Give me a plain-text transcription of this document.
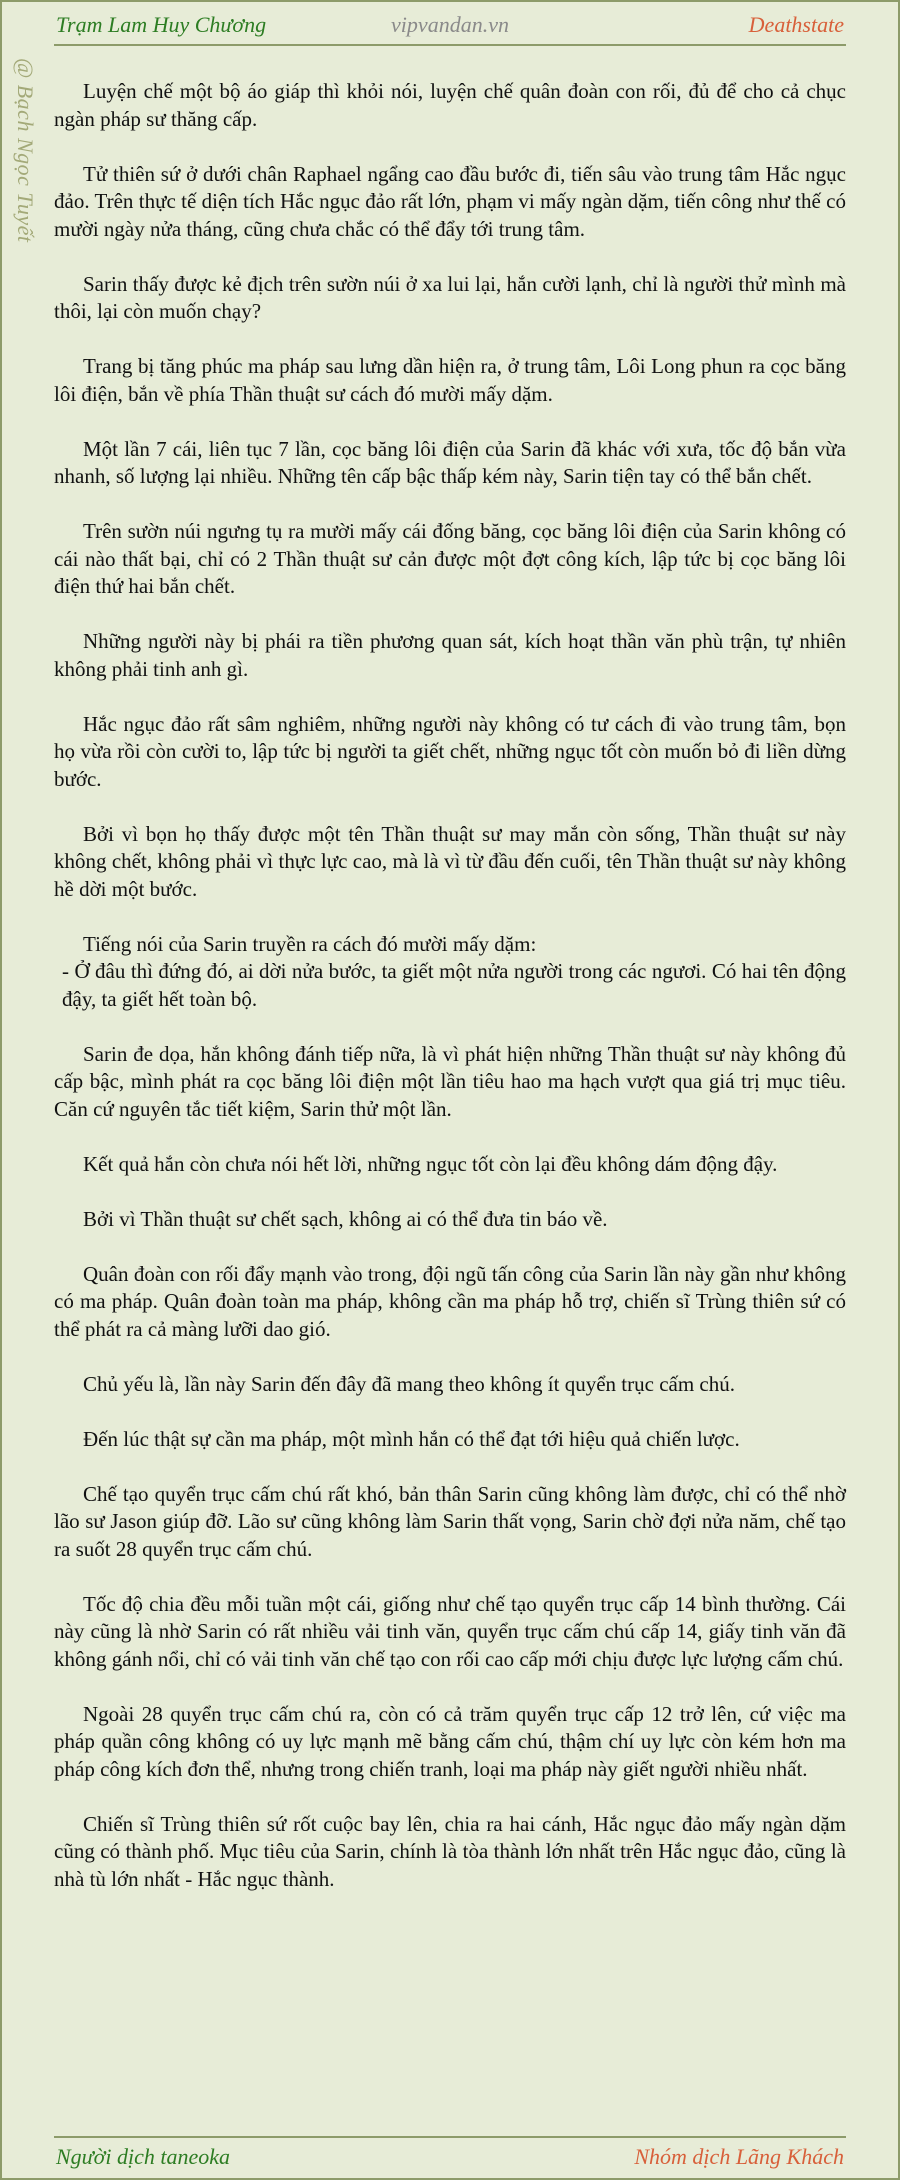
Trạm Lam Huy Chương	vipvandan.vn	Deathstate
@ Bạch Ngọc Tuyết	Luyện chế một bộ áo giáp thì khỏi nói, luyện chế quân đoàn con rối, đủ để cho cả chục ngàn pháp sư thăng cấp.

Tử thiên sứ ở dưới chân Raphael ngẩng cao đầu bước đi, tiến sâu vào trung tâm Hắc ngục đảo. Trên thực tế diện tích Hắc ngục đảo rất lớn, phạm vi mấy ngàn dặm, tiến công như thế có mười ngày nửa tháng, cũng chưa chắc có thể đẩy tới trung tâm.

Sarin thấy được kẻ địch trên sườn núi ở xa lui lại, hắn cười lạnh, chỉ là người thử mình mà thôi, lại còn muốn chạy?

Trang bị tăng phúc ma pháp sau lưng dần hiện ra, ở trung tâm, Lôi Long phun ra cọc băng lôi điện, bắn về phía Thần thuật sư cách đó mười mấy dặm.

Một lần 7 cái, liên tục 7 lần, cọc băng lôi điện của Sarin đã khác với xưa, tốc độ bắn vừa nhanh, số lượng lại nhiều. Những tên cấp bậc thấp kém này, Sarin tiện tay có thể bắn chết.

Trên sườn núi ngưng tụ ra mười mấy cái đống băng, cọc băng lôi điện của Sarin không có cái nào thất bại, chỉ có 2 Thần thuật sư cản được một đợt công kích, lập tức bị cọc băng lôi điện thứ hai bắn chết.

Những người này bị phái ra tiền phương quan sát, kích hoạt thần văn phù trận, tự nhiên không phải tinh anh gì.

Hắc ngục đảo rất sâm nghiêm, những người này không có tư cách đi vào trung tâm, bọn họ vừa rồi còn cười to, lập tức bị người ta giết chết, những ngục tốt còn muốn bỏ đi liền dừng bước.

Bởi vì bọn họ thấy được một tên Thần thuật sư may mắn còn sống, Thần thuật sư này không chết, không phải vì thực lực cao, mà là vì từ đầu đến cuối, tên Thần thuật sư này không hề dời một bước.

Tiếng nói của Sarin truyền ra cách đó mười mấy dặm:
- Ở đâu thì đứng đó, ai dời nửa bước, ta giết một nửa người trong các ngươi. Có hai tên động đậy, ta giết hết toàn bộ.

Sarin đe dọa, hắn không đánh tiếp nữa, là vì phát hiện những Thần thuật sư này không đủ cấp bậc, mình phát ra cọc băng lôi điện một lần tiêu hao ma hạch vượt qua giá trị mục tiêu. Căn cứ nguyên tắc tiết kiệm, Sarin thử một lần.

Kết quả hắn còn chưa nói hết lời, những ngục tốt còn lại đều không dám động đậy.

Bởi vì Thần thuật sư chết sạch, không ai có thể đưa tin báo về.

Quân đoàn con rối đẩy mạnh vào trong, đội ngũ tấn công của Sarin lần này gần như không có ma pháp. Quân đoàn toàn ma pháp, không cần ma pháp hỗ trợ, chiến sĩ Trùng thiên sứ có thể phát ra cả màng lưỡi dao gió.

Chủ yếu là, lần này Sarin đến đây đã mang theo không ít quyển trục cấm chú.

Đến lúc thật sự cần ma pháp, một mình hắn có thể đạt tới hiệu quả chiến lược.

Chế tạo quyển trục cấm chú rất khó, bản thân Sarin cũng không làm được, chỉ có thể nhờ lão sư Jason giúp đỡ. Lão sư cũng không làm Sarin thất vọng, Sarin chờ đợi nửa năm, chế tạo ra suốt 28 quyển trục cấm chú.

Tốc độ chia đều mỗi tuần một cái, giống như chế tạo quyển trục cấp 14 bình thường. Cái này cũng là nhờ Sarin có rất nhiều vải tinh văn, quyển trục cấm chú cấp 14, giấy tinh văn đã không gánh nổi, chỉ có vải tinh văn chế tạo con rối cao cấp mới chịu được lực lượng cấm chú.

Ngoài 28 quyển trục cấm chú ra, còn có cả trăm quyển trục cấp 12 trở lên, cứ việc ma pháp quần công không có uy lực mạnh mẽ bằng cấm chú, thậm chí uy lực còn kém hơn ma pháp công kích đơn thể, nhưng trong chiến tranh, loại ma pháp này giết người nhiều nhất.

Chiến sĩ Trùng thiên sứ rốt cuộc bay lên, chia ra hai cánh, Hắc ngục đảo mấy ngàn dặm cũng có thành phố. Mục tiêu của Sarin, chính là tòa thành lớn nhất trên Hắc ngục đảo, cũng là nhà tù lớn nhất - Hắc ngục thành.

Người dịch taneoka	Nhóm dịch Lãng Khách
